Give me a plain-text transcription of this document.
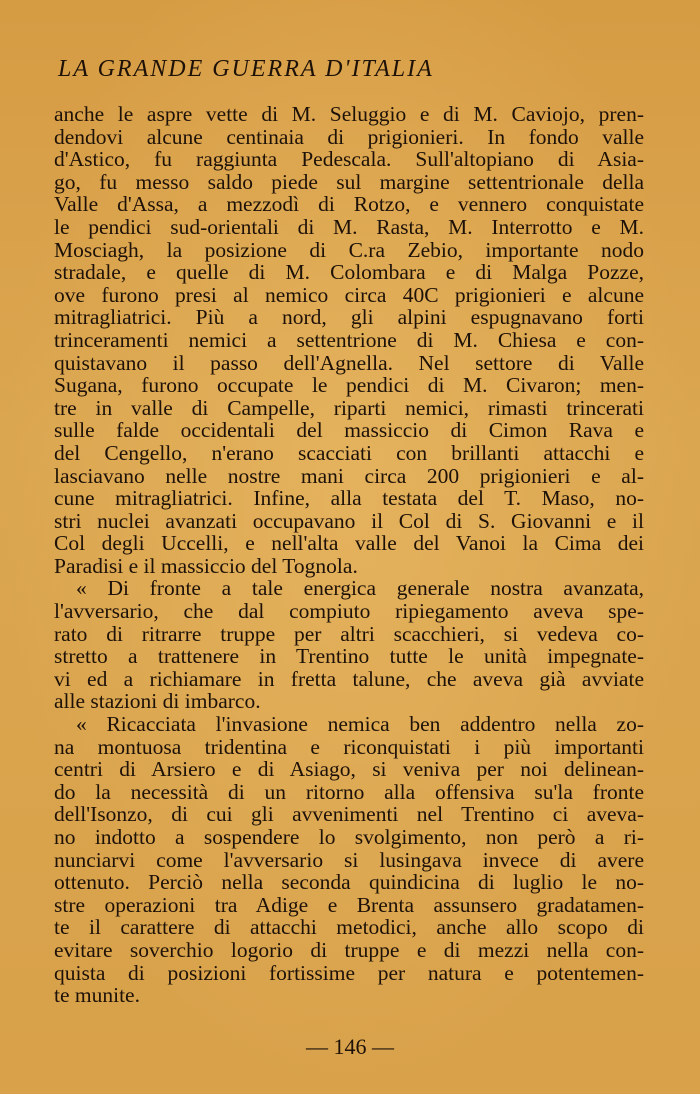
LA GRANDE GUERRA D'ITALIA
anche le aspre vette di M. Seluggio e di M. Caviojo, pren-
dendovi alcune centinaia di prigionieri. In fondo valle
d'Astico, fu raggiunta Pedescala. Sull'altopiano di Asia-
go, fu messo saldo piede sul margine settentrionale della
Valle d'Assa, a mezzodì di Rotzo, e vennero conquistate
le pendici sud-orientali di M. Rasta, M. Interrotto e M.
Mosciagh, la posizione di C.ra Zebio, importante nodo
stradale, e quelle di M. Colombara e di Malga Pozze,
ove furono presi al nemico circa 40C prigionieri e alcune
mitragliatrici. Più a nord, gli alpini espugnavano forti
trinceramenti nemici a settentrione di M. Chiesa e con-
quistavano il passo dell'Agnella. Nel settore di Valle
Sugana, furono occupate le pendici di M. Civaron; men-
tre in valle di Campelle, riparti nemici, rimasti trincerati
sulle falde occidentali del massiccio di Cimon Rava e
del Cengello, n'erano scacciati con brillanti attacchi e
lasciavano nelle nostre mani circa 200 prigionieri e al-
cune mitragliatrici. Infine, alla testata del T. Maso, no-
stri nuclei avanzati occupavano il Col di S. Giovanni e il
Col degli Uccelli, e nell'alta valle del Vanoi la Cima dei
Paradisi e il massiccio del Tognola.
« Di fronte a tale energica generale nostra avanzata,
l'avversario, che dal compiuto ripiegamento aveva spe-
rato di ritrarre truppe per altri scacchieri, si vedeva co-
stretto a trattenere in Trentino tutte le unità impegnate-
vi ed a richiamare in fretta talune, che aveva già avviate
alle stazioni di imbarco.
« Ricacciata l'invasione nemica ben addentro nella zo-
na montuosa tridentina e riconquistati i più importanti
centri di Arsiero e di Asiago, si veniva per noi delinean-
do la necessità di un ritorno alla offensiva su'la fronte
dell'Isonzo, di cui gli avvenimenti nel Trentino ci aveva-
no indotto a sospendere lo svolgimento, non però a ri-
nunciarvi come l'avversario si lusingava invece di avere
ottenuto. Perciò nella seconda quindicina di luglio le no-
stre operazioni tra Adige e Brenta assunsero gradatamen-
te il carattere di attacchi metodici, anche allo scopo di
evitare soverchio logorio di truppe e di mezzi nella con-
quista di posizioni fortissime per natura e potentemen-
te munite.
— 146 —
